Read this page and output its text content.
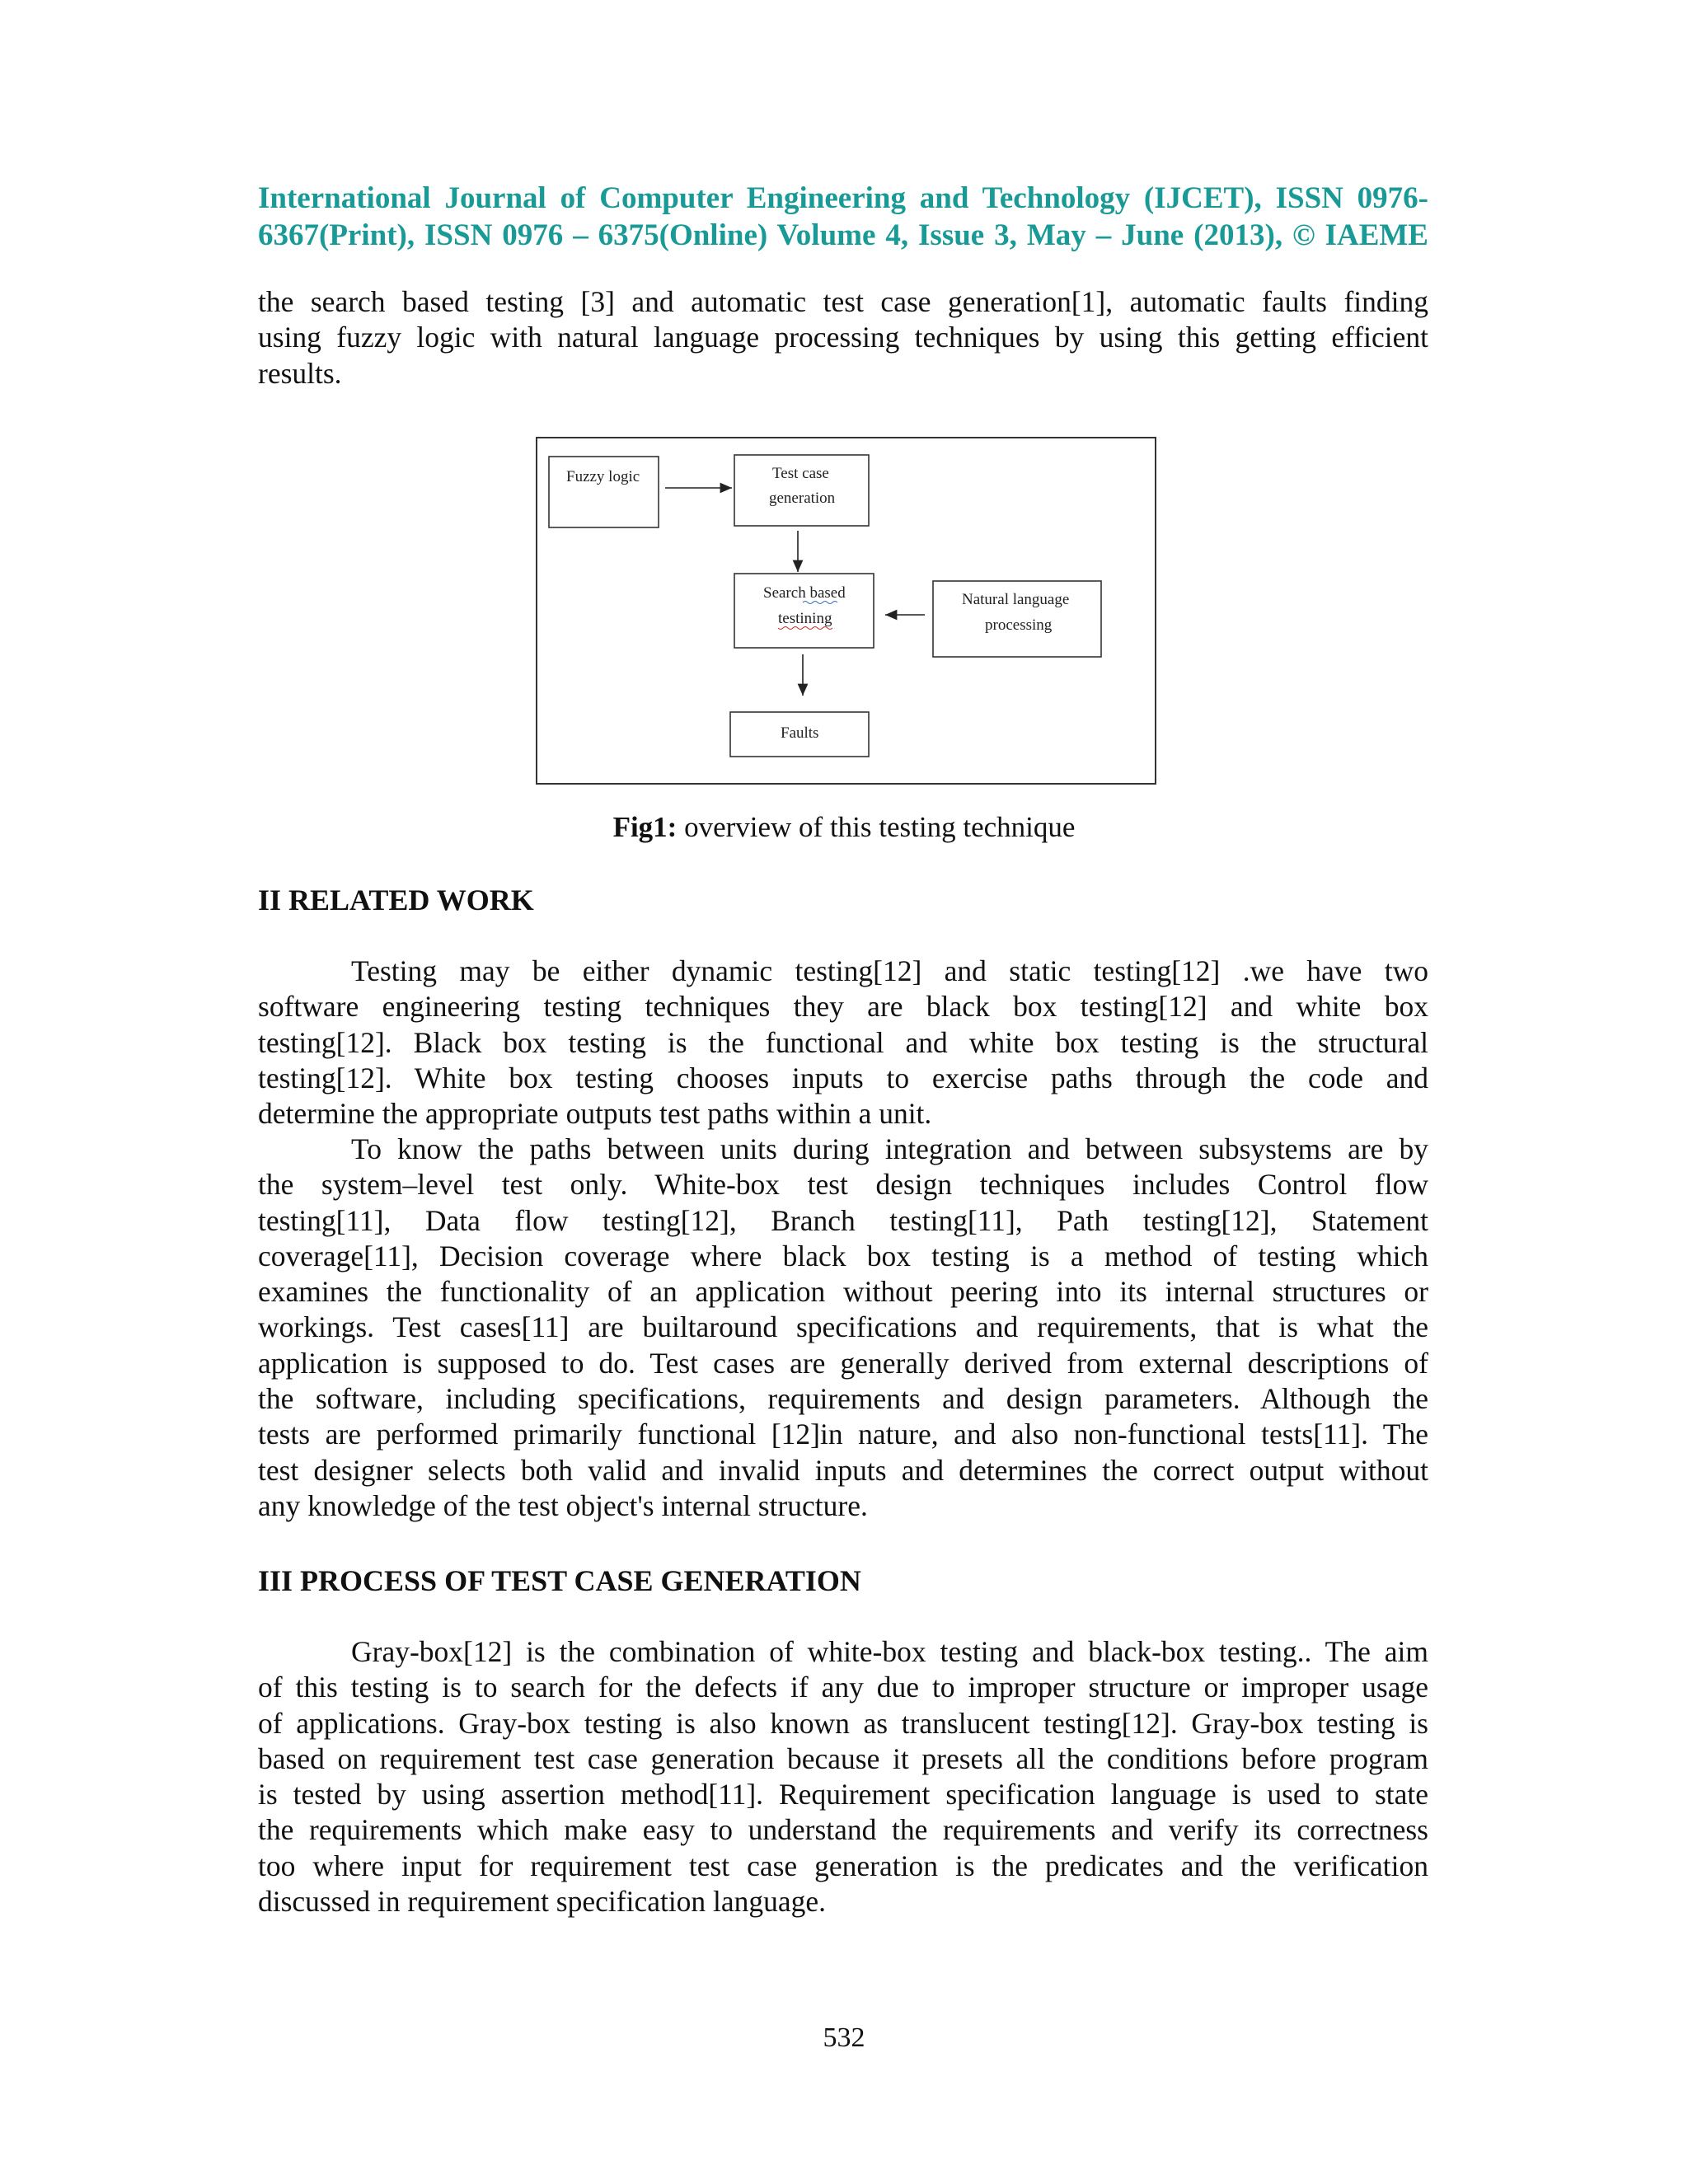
International Journal of Computer Engineering and Technology (IJCET), ISSN 0976-
6367(Print), ISSN 0976 – 6375(Online) Volume 4, Issue 3, May – June (2013), © IAEME
the search based testing [3] and automatic test case generation[1], automatic faults finding
using fuzzy logic with natural language processing techniques by using this getting efficient
results.
Fuzzy logic	Test case
generation
Search based
testining
Natural language
processing
Faults
Fig1: overview of this testing technique
II RELATED WORK
Testing may be either dynamic testing[12] and static testing[12] .we have two
software engineering testing techniques they are black box testing[12] and white box
testing[12]. Black box testing is the functional and white box testing is the structural
testing[12]. White box testing chooses inputs to exercise paths through the code and
determine the appropriate outputs test paths within a unit.
To know the paths between units during integration and between subsystems are by
the system–level test only. White-box test design techniques includes Control flow
testing[11], Data flow testing[12], Branch testing[11], Path testing[12], Statement
coverage[11], Decision coverage where black box testing is a method of testing which
examines the functionality of an application without peering into its internal structures or
workings. Test cases[11] are builtaround specifications and requirements, that is what the
application is supposed to do. Test cases are generally derived from external descriptions of
the software, including specifications, requirements and design parameters. Although the
tests are performed primarily functional [12]in nature, and also non-functional tests[11]. The
test designer selects both valid and invalid inputs and determines the correct output without
any knowledge of the test object's internal structure.
III PROCESS OF TEST CASE GENERATION
Gray-box[12] is the combination of white-box testing and black-box testing.. The aim
of this testing is to search for the defects if any due to improper structure or improper usage
of applications. Gray-box testing is also known as translucent testing[12]. Gray-box testing is
based on requirement test case generation because it presets all the conditions before program
is tested by using assertion method[11]. Requirement specification language is used to state
the requirements which make easy to understand the requirements and verify its correctness
too where input for requirement test case generation is the predicates and the verification
discussed in requirement specification language.
532
